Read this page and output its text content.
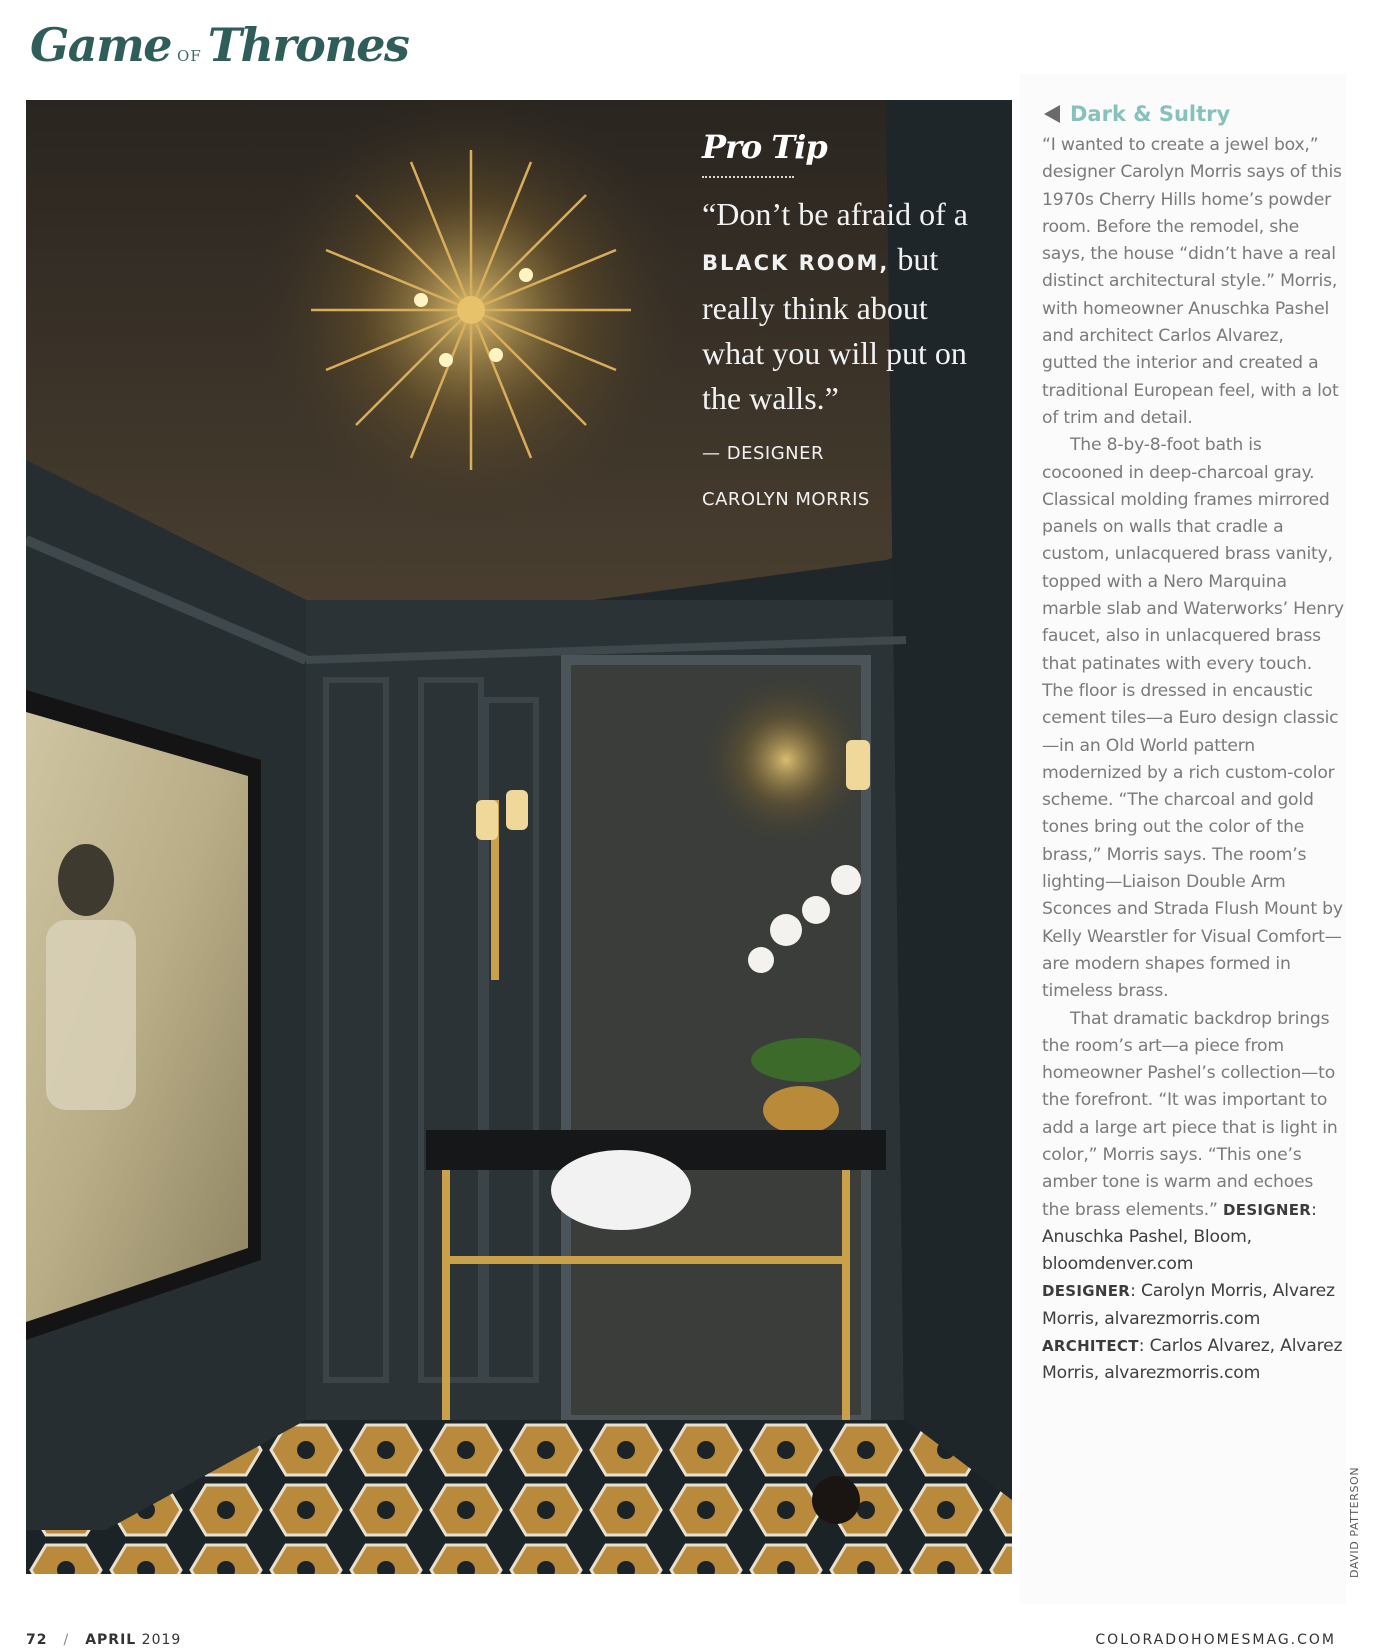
Game OF Thrones
Pro Tip
“Don’t be afraid of a BLACK ROOM, but really think about what you will put on the walls.”
— DESIGNER
CAROLYN MORRIS
Dark & Sultry

“I wanted to create a jewel box,” designer Carolyn Morris says of this 1970s Cherry Hills home’s powder room. Before the remodel, she says, the house “didn’t have a real distinct architectural style.” Morris, with homeowner Anuschka Pashel and architect Carlos Alvarez, gutted the interior and created a traditional European feel, with a lot of trim and detail.

The 8-by-8-foot bath is cocooned in deep-charcoal gray. Classical molding frames mirrored panels on walls that cradle a custom, unlacquered brass vanity, topped with a Nero Marquina marble slab and Waterworks’ Henry faucet, also in unlacquered brass that patinates with every touch. The floor is dressed in encaustic cement tiles—a Euro design classic—in an Old World pattern modernized by a rich custom-color scheme. “The charcoal and gold tones bring out the color of the brass,” Morris says. The room’s lighting—Liaison Double Arm Sconces and Strada Flush Mount by Kelly Wearstler for Visual Comfort—are modern shapes formed in timeless brass.

That dramatic backdrop brings the room’s art—a piece from homeowner Pashel’s collection—to the forefront. “It was important to add a large art piece that is light in color,” Morris says. “This one’s amber tone is warm and echoes the brass elements.” DESIGNER: Anuschka Pashel, Bloom, bloomdenver.com

DESIGNER: Carolyn Morris, Alvarez Morris, alvarezmorris.com ARCHITECT: Carlos Alvarez, Alvarez Morris, alvarezmorris.com

DAVID PATTERSON
72 / APRIL 2019	COLORADOHOMESMAG.COM
